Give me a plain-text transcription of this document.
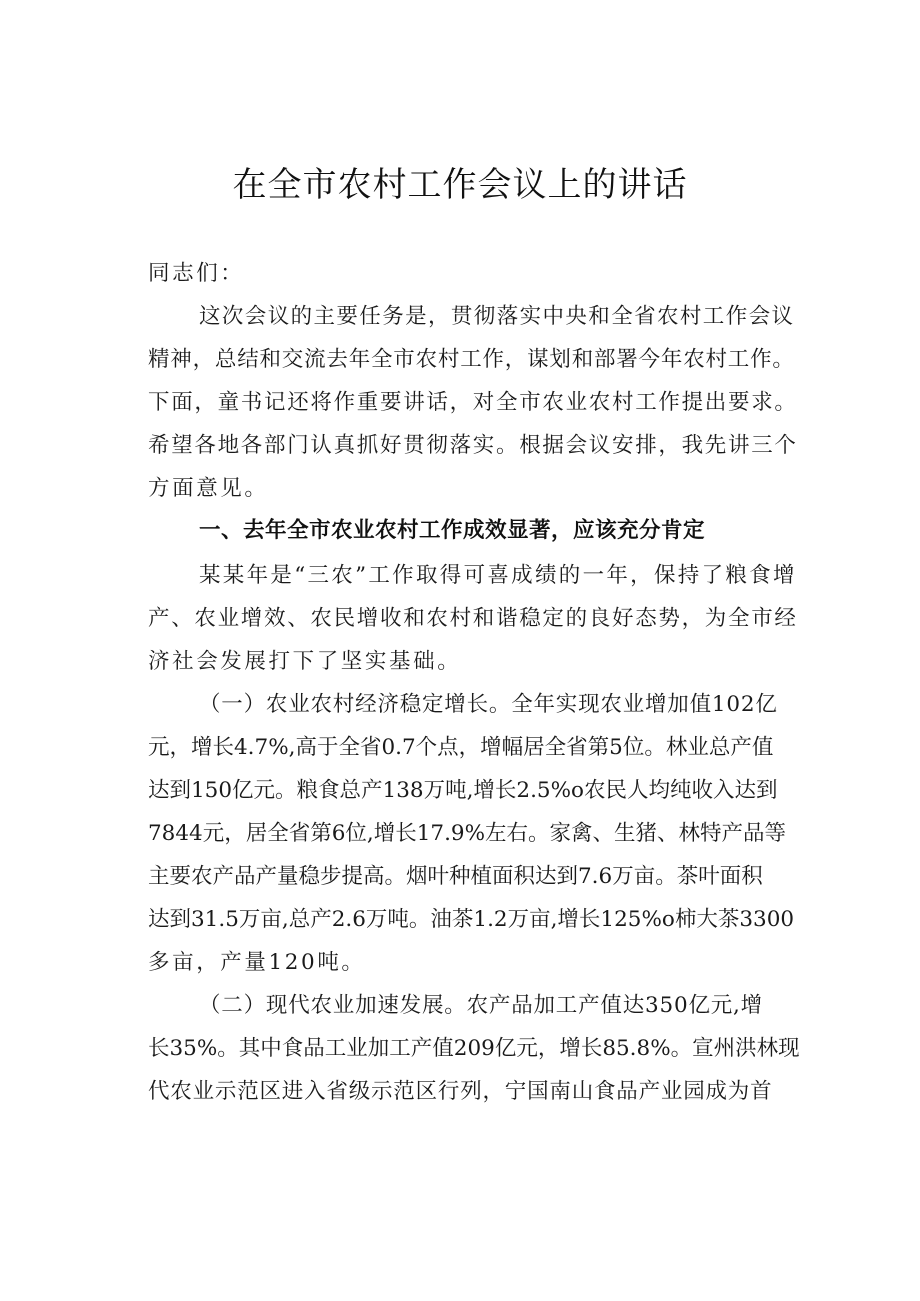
在全市农村工作会议上的讲话
同志们：
这次会议的主要任务是，贯彻落实中央和全省农村工作会议
精神，总结和交流去年全市农村工作，谋划和部署今年农村工作。
下面，童书记还将作重要讲话，对全市农业农村工作提出要求。
希望各地各部门认真抓好贯彻落实。根据会议安排，我先讲三个
方面意见。
一、去年全市农业农村工作成效显著，应该充分肯定
某某年是“三农”工作取得可喜成绩的一年，保持了粮食增
产、农业增效、农民增收和农村和谐稳定的良好态势，为全市经
济社会发展打下了坚实基础。
（一）农业农村经济稳定增长。全年实现农业增加值102亿
元，增长4.7%,高于全省0.7个点，增幅居全省第5位。林业总产值
达到150亿元。粮食总产138万吨,增长2.5%o农民人均纯收入达到
7844元，居全省第6位,增长17.9%左右。家禽、生猪、林特产品等
主要农产品产量稳步提高。烟叶种植面积达到7.6万亩。茶叶面积
达到31.5万亩,总产2.6万吨。油茶1.2万亩,增长125%o柿大茶3300
多亩，产量120吨。
（二）现代农业加速发展。农产品加工产值达350亿元,增
长35%。其中食品工业加工产值209亿元，增长85.8%。宣州洪林现
代农业示范区进入省级示范区行列，宁国南山食品产业园成为首
